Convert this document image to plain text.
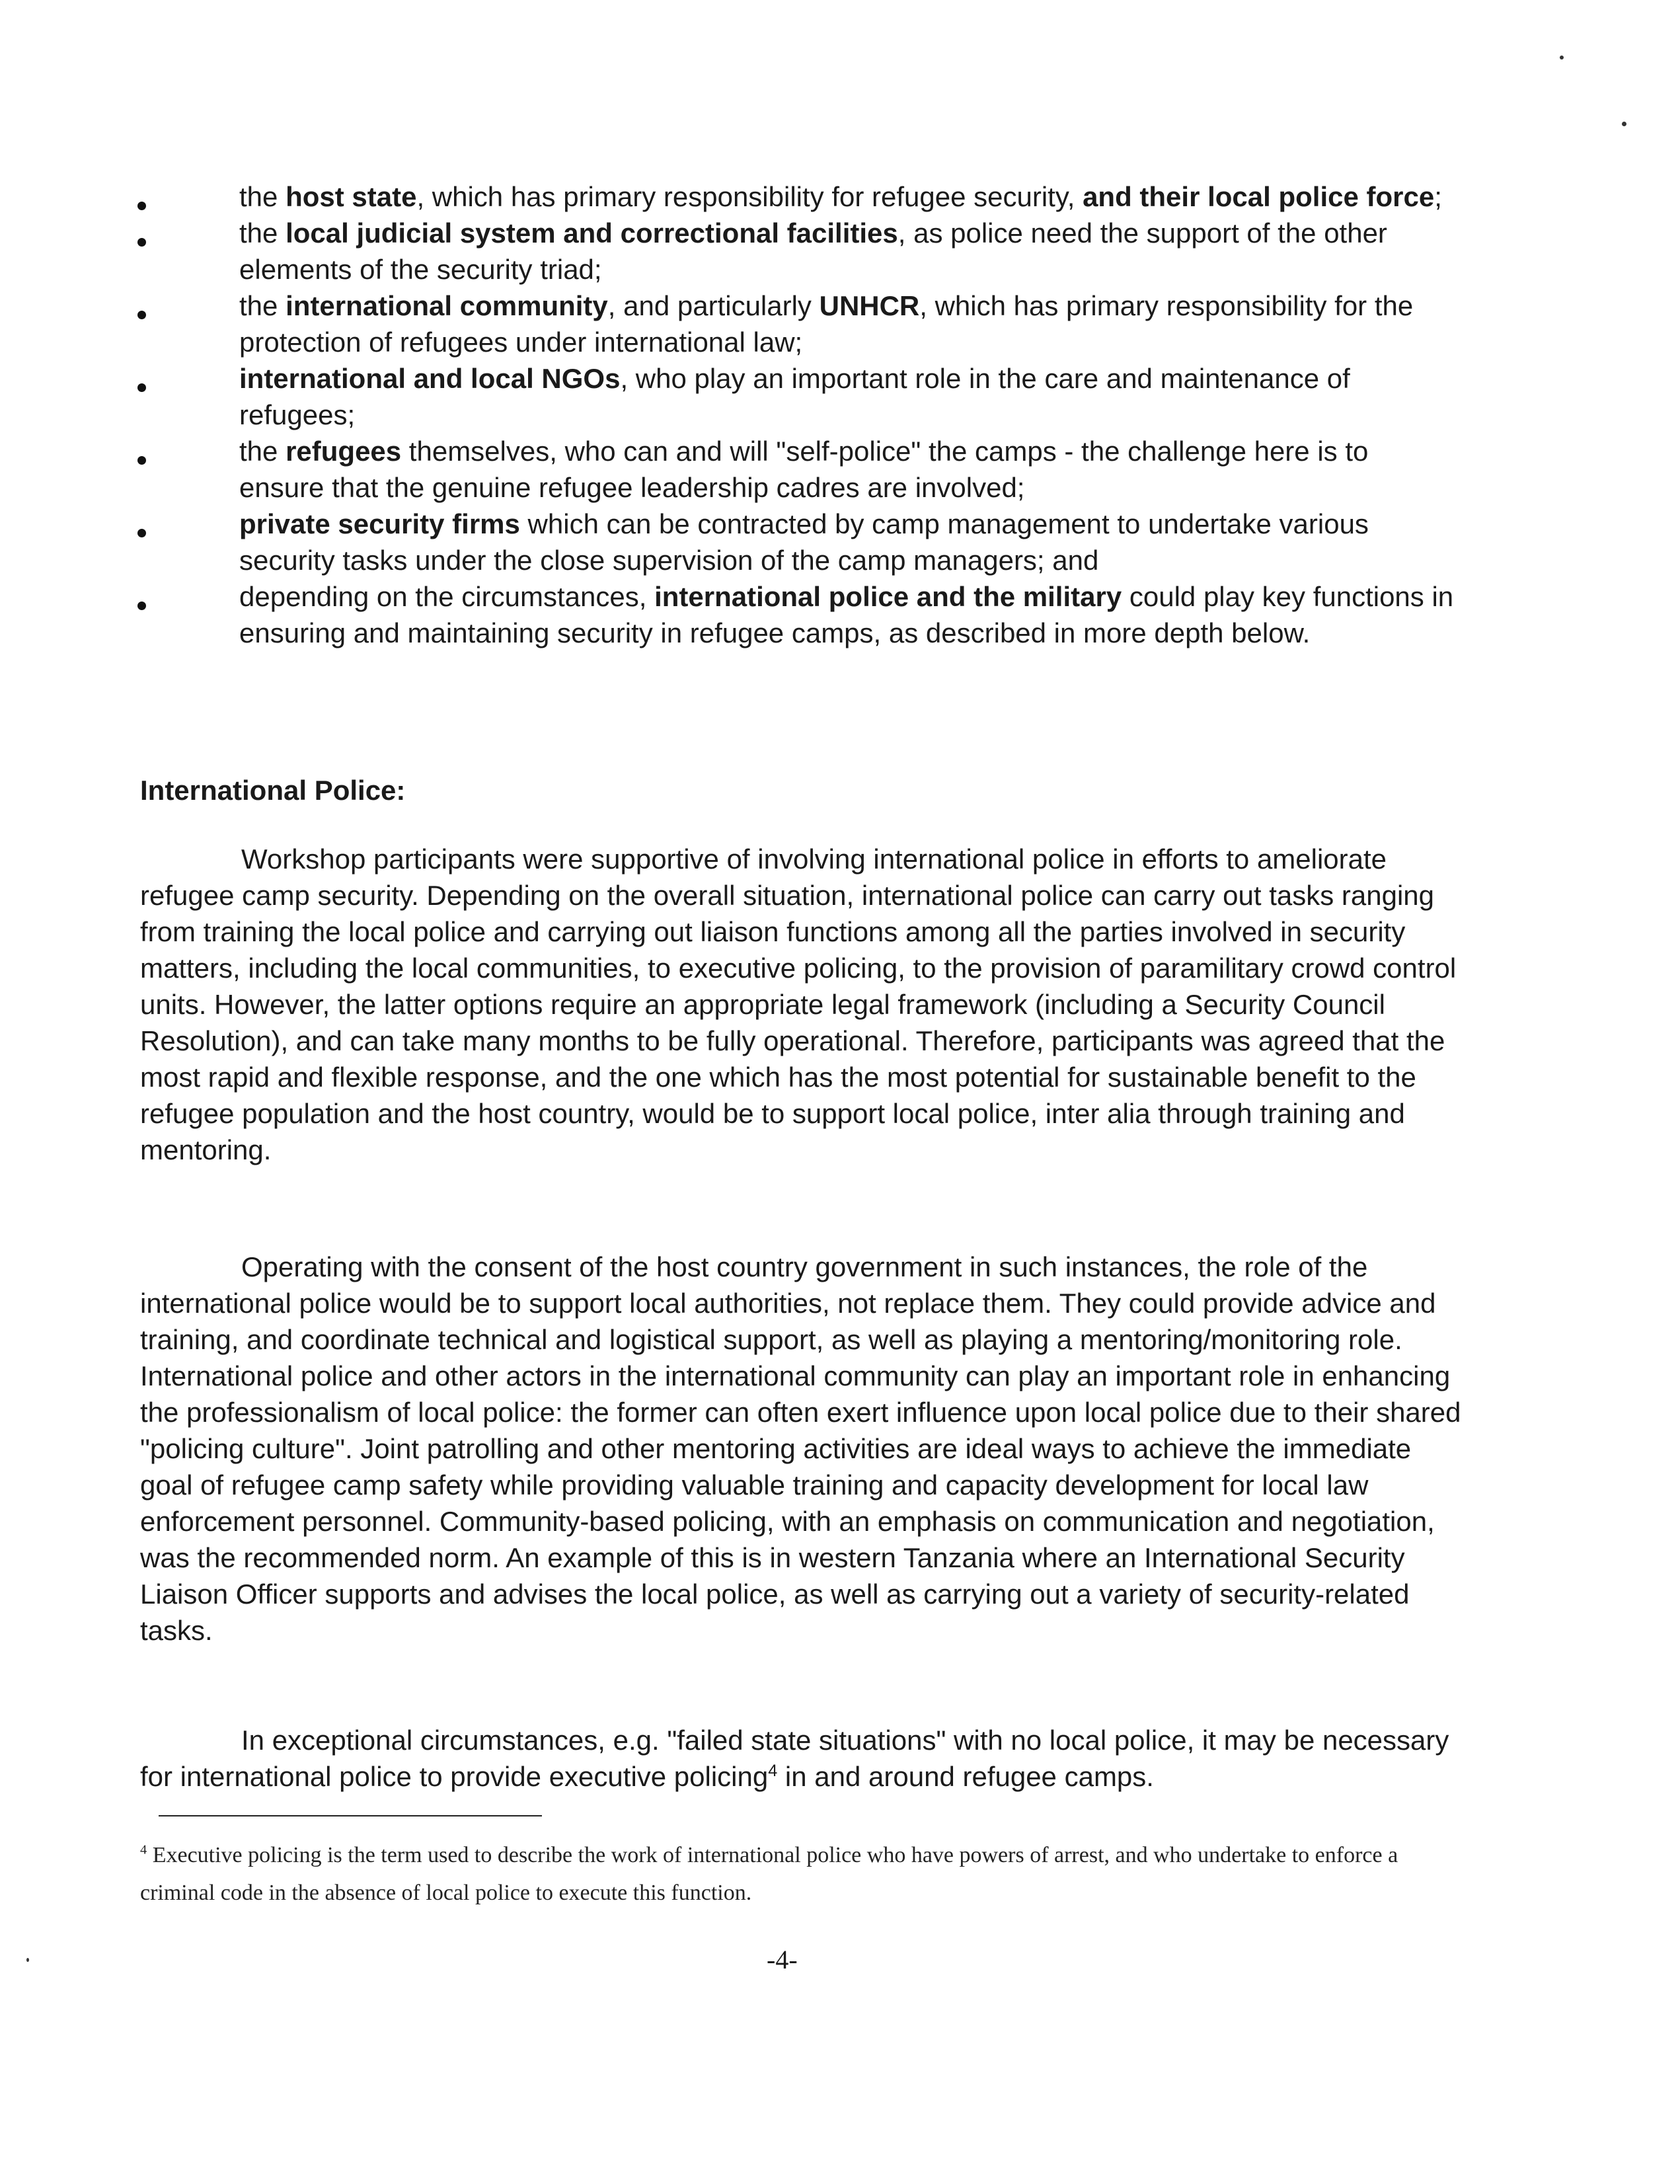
the host state, which has primary responsibility for refugee security, and their local police force;
the local judicial system and correctional facilities, as police need the support of the other elements of the security triad;
the international community, and particularly UNHCR, which has primary responsibility for the protection of refugees under international law;
international and local NGOs, who play an important role in the care and maintenance of refugees;
the refugees themselves, who can and will "self-police" the camps - the challenge here is to ensure that the genuine refugee leadership cadres are involved;
private security firms which can be contracted by camp management to undertake various security tasks under the close supervision of the camp managers; and
depending on the circumstances, international police and the military could play key functions in ensuring and maintaining security in refugee camps, as described in more depth below.
International Police:

Workshop participants were supportive of involving international police in efforts to ameliorate refugee camp security. Depending on the overall situation, international police can carry out tasks ranging from training the local police and carrying out liaison functions among all the parties involved in security matters, including the local communities, to executive policing, to the provision of paramilitary crowd control units. However, the latter options require an appropriate legal framework (including a Security Council Resolution), and can take many months to be fully operational. Therefore, participants was agreed that the most rapid and flexible response, and the one which has the most potential for sustainable benefit to the refugee population and the host country, would be to support local police, inter alia through training and mentoring.

Operating with the consent of the host country government in such instances, the role of the international police would be to support local authorities, not replace them. They could provide advice and training, and coordinate technical and logistical support, as well as playing a mentoring/monitoring role. International police and other actors in the international community can play an important role in enhancing the professionalism of local police: the former can often exert influence upon local police due to their shared "policing culture". Joint patrolling and other mentoring activities are ideal ways to achieve the immediate goal of refugee camp safety while providing valuable training and capacity development for local law enforcement personnel. Community-based policing, with an emphasis on communication and negotiation, was the recommended norm. An example of this is in western Tanzania where an International Security Liaison Officer supports and advises the local police, as well as carrying out a variety of security-related tasks.

In exceptional circumstances, e.g. "failed state situations" with no local police, it may be necessary for international police to provide executive policing$^4$ in and around refugee camps.

$^4$ Executive policing is the term used to describe the work of international police who have powers of arrest, and who undertake to enforce a criminal code in the absence of local police to execute this function.

-4-
